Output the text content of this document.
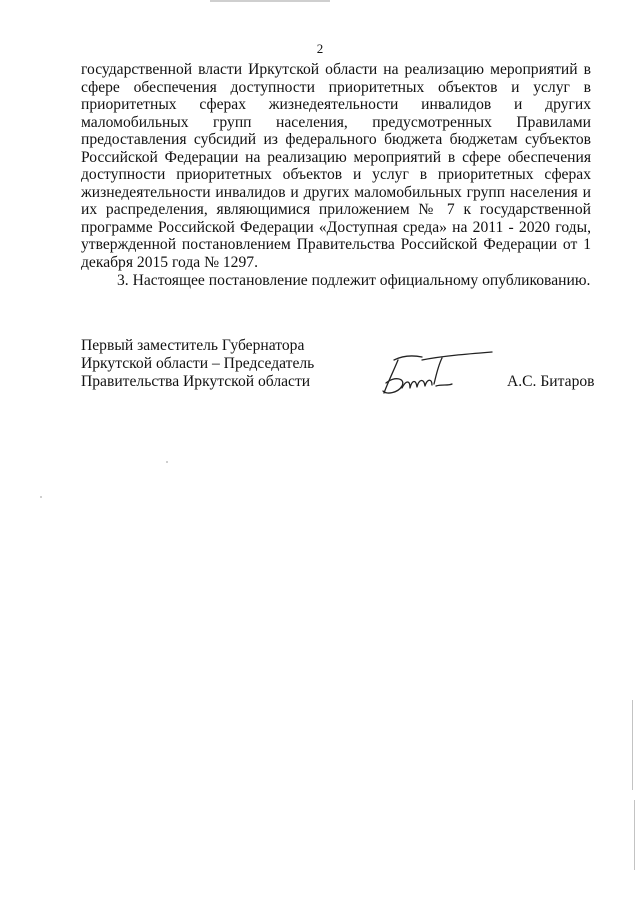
2

государственной власти Иркутской области на реализацию мероприятий в сфере обеспечения доступности приоритетных объектов и услуг в приоритетных сферах жизнедеятельности инвалидов и других маломобильных групп населения, предусмотренных Правилами предоставления субсидий из федерального бюджета бюджетам субъектов Российской Федерации на реализацию мероприятий в сфере обеспечения доступности приоритетных объектов и услуг в приоритетных сферах жизнедеятельности инвалидов и других маломобильных групп населения и их распределения, являющимися приложением № 7 к государственной программе Российской Федерации «Доступная среда» на 2011 - 2020 годы, утвержденной постановлением Правительства Российской Федерации от 1 декабря 2015 года № 1297.

3. Настоящее постановление подлежит официальному опубликованию.

Первый заместитель Губернатора
Иркутской области – Председатель
Правительства Иркутской области	А.С. Битаров
